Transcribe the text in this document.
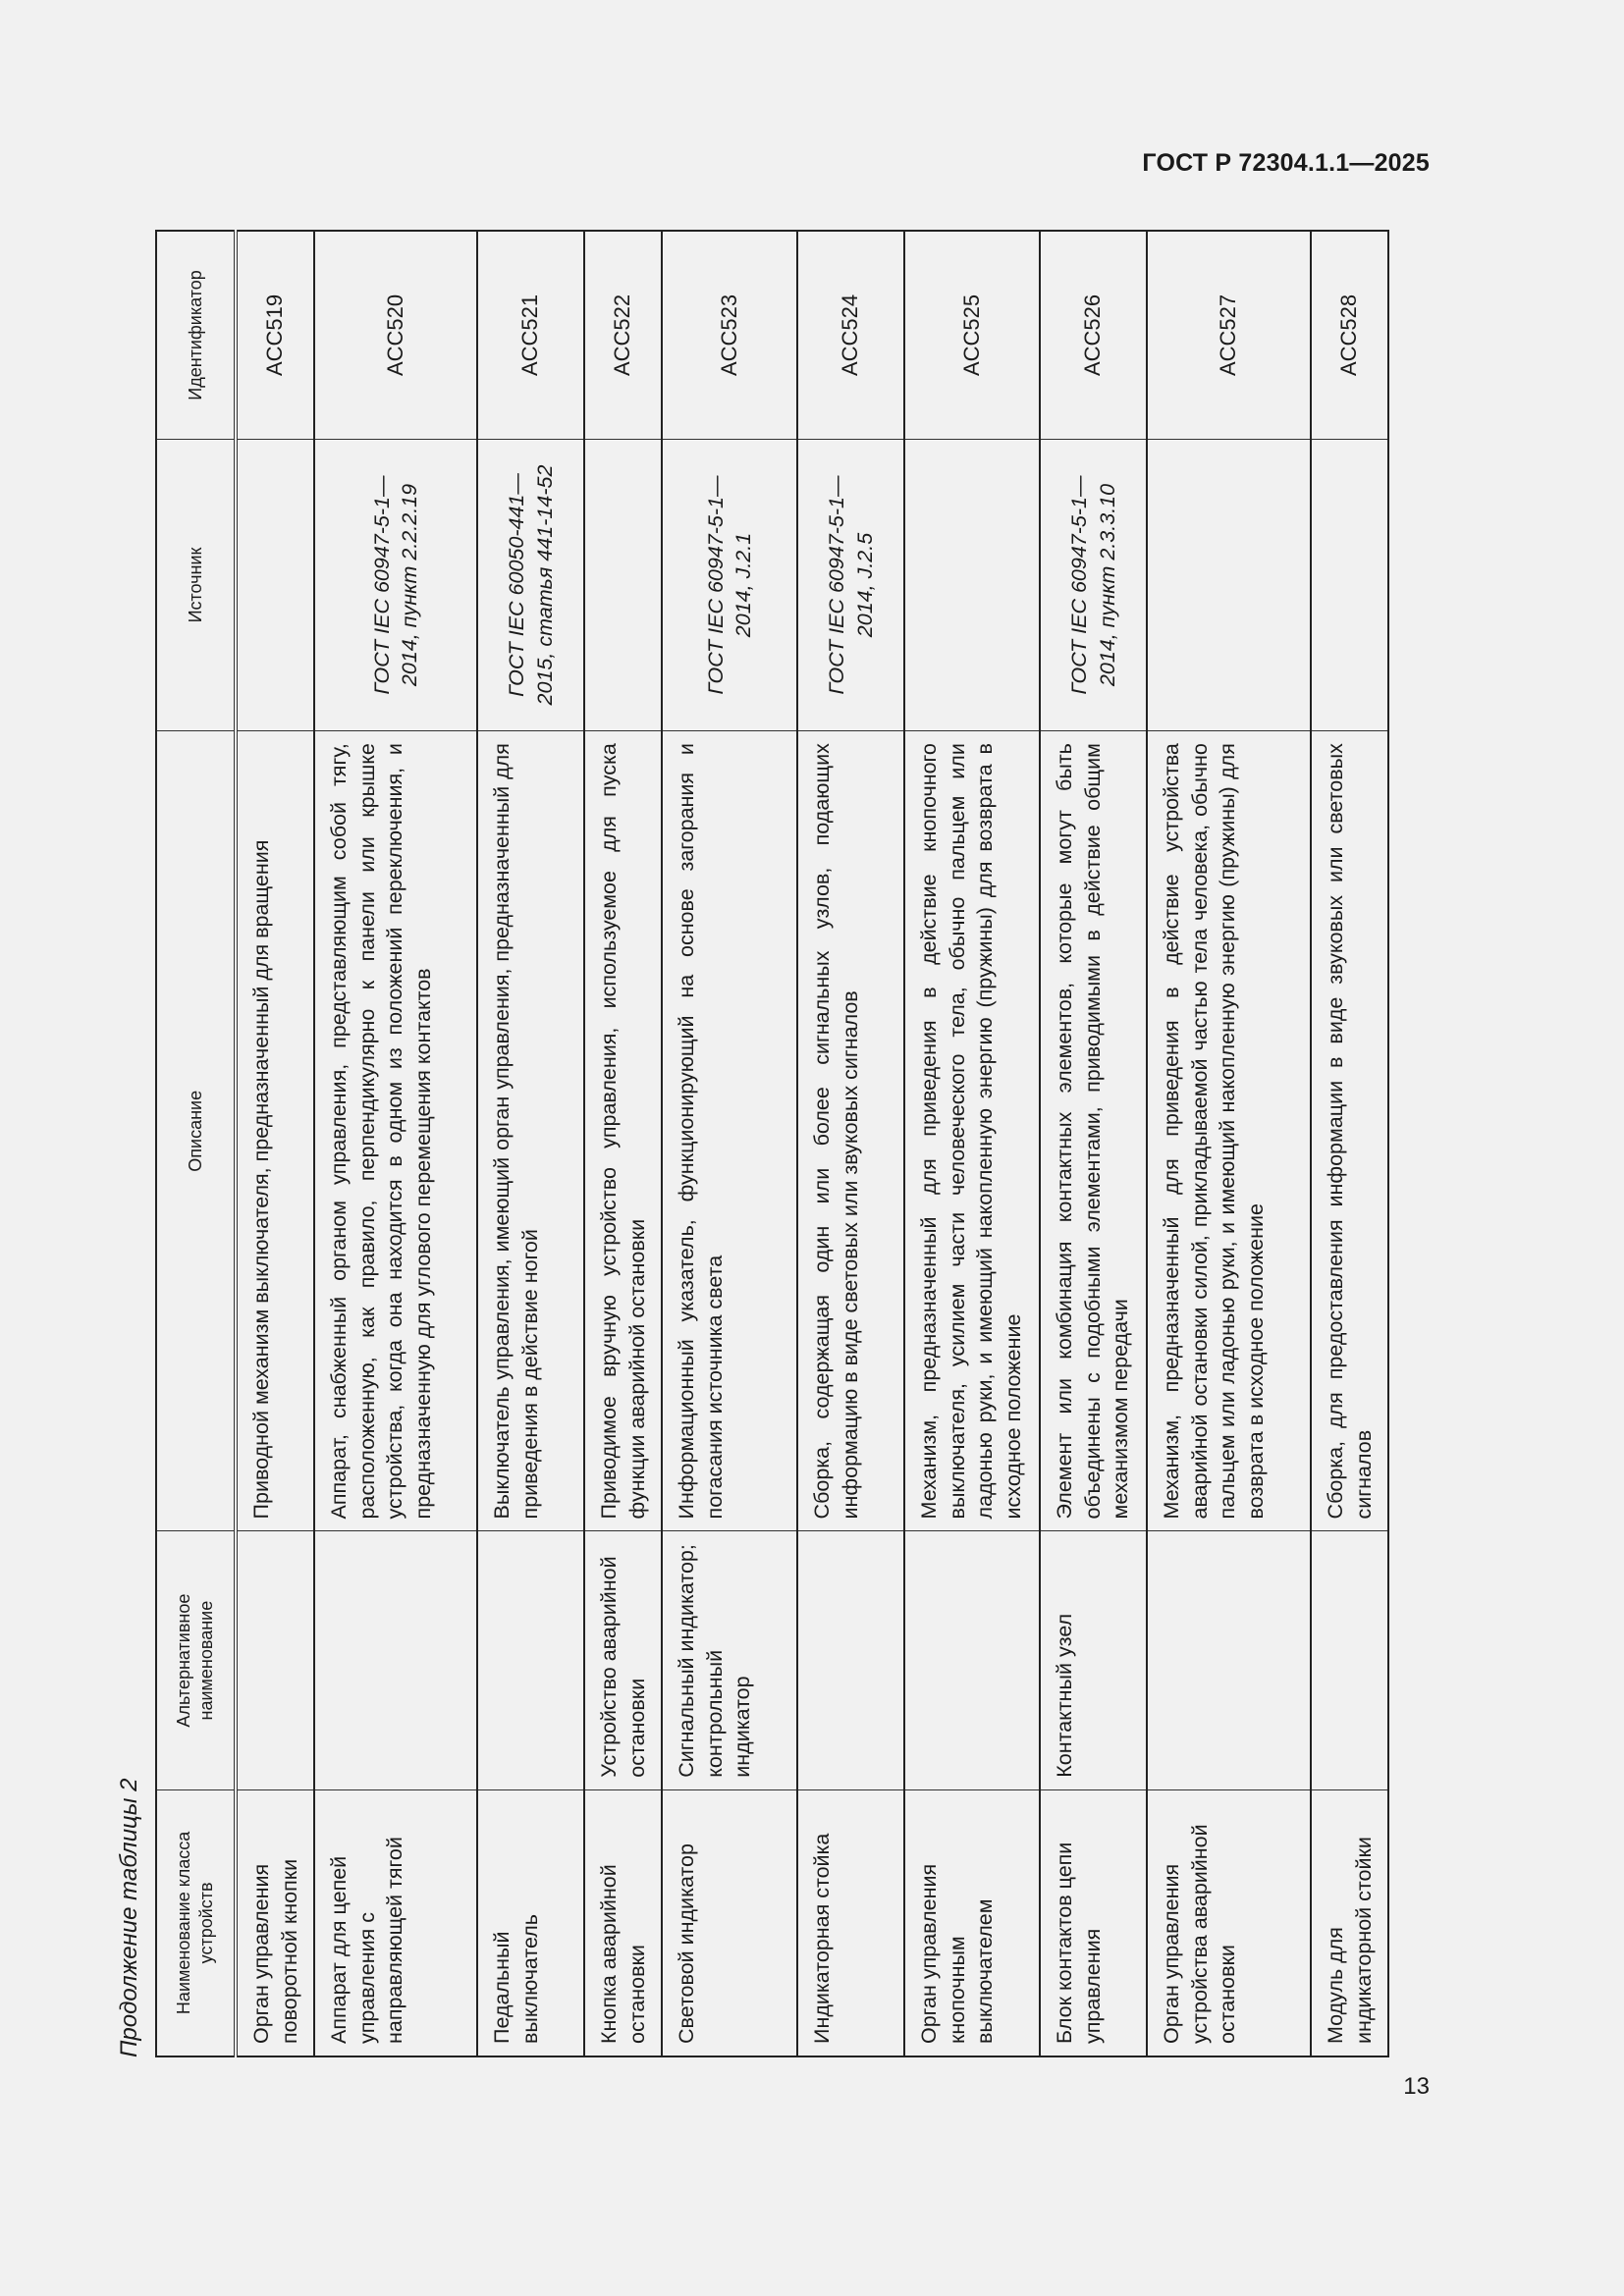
ГОСТ Р 72304.1.1—2025
Продолжение таблицы 2	Наименование класса устройств	Альтернативное наименование	Описание	Источник	Идентификатор
Орган управления поворотной кнопки		Приводной механизм выключателя, предназначенный для вращения		ACC519
Аппарат для цепей управления с направляющей тягой		Аппарат, снабженный органом управления, представляющим собой тягу, расположенную, как правило, перпендикулярно к панели или крышке устройства, когда она находится в одном из положений переключения, и предназначенную для углового перемещения контактов	ГОСТ IEC 60947-5-1—2014, пункт 2.2.2.19	ACC520
Педальный выключатель		Выключатель управления, имеющий орган управления, предназначенный для приведения в действие ногой	ГОСТ IEC 60050-441—2015, статья 441-14-52	ACC521
Кнопка аварийной остановки	Устройство аварийной остановки	Приводимое вручную устройство управления, используемое для пуска функции аварийной остановки		ACC522
Световой индикатор	Сигнальный индикатор; контрольный индикатор	Информационный указатель, функционирующий на основе загорания и погасания источника света	ГОСТ IEC 60947-5-1—2014, J.2.1	ACC523
Индикаторная стойка		Сборка, содержащая один или более сигнальных узлов, подающих информацию в виде световых или звуковых сигналов	ГОСТ IEC 60947-5-1—2014, J.2.5	ACC524
Орган управления кнопочным выключателем		Механизм, предназначенный для приведения в действие кнопочного выключателя, усилием части человеческого тела, обычно пальцем или ладонью руки, и имеющий накопленную энергию (пружины) для возврата в исходное положение		ACC525
Блок контактов цепи управления	Контактный узел	Элемент или комбинация контактных элементов, которые могут быть объединены с подобными элементами, приводимыми в действие общим механизмом передачи	ГОСТ IEC 60947-5-1—2014, пункт 2.3.3.10	ACC526
Орган управления устройства аварийной остановки		Механизм, предназначенный для приведения в действие устройства аварийной остановки силой, прикладываемой частью тела человека, обычно пальцем или ладонью руки, и имеющий накопленную энергию (пружины) для возврата в исходное положение		ACC527
Модуль для индикаторной стойки		Сборка, для предоставления информации в виде звуковых или световых сигналов		ACC528
13
